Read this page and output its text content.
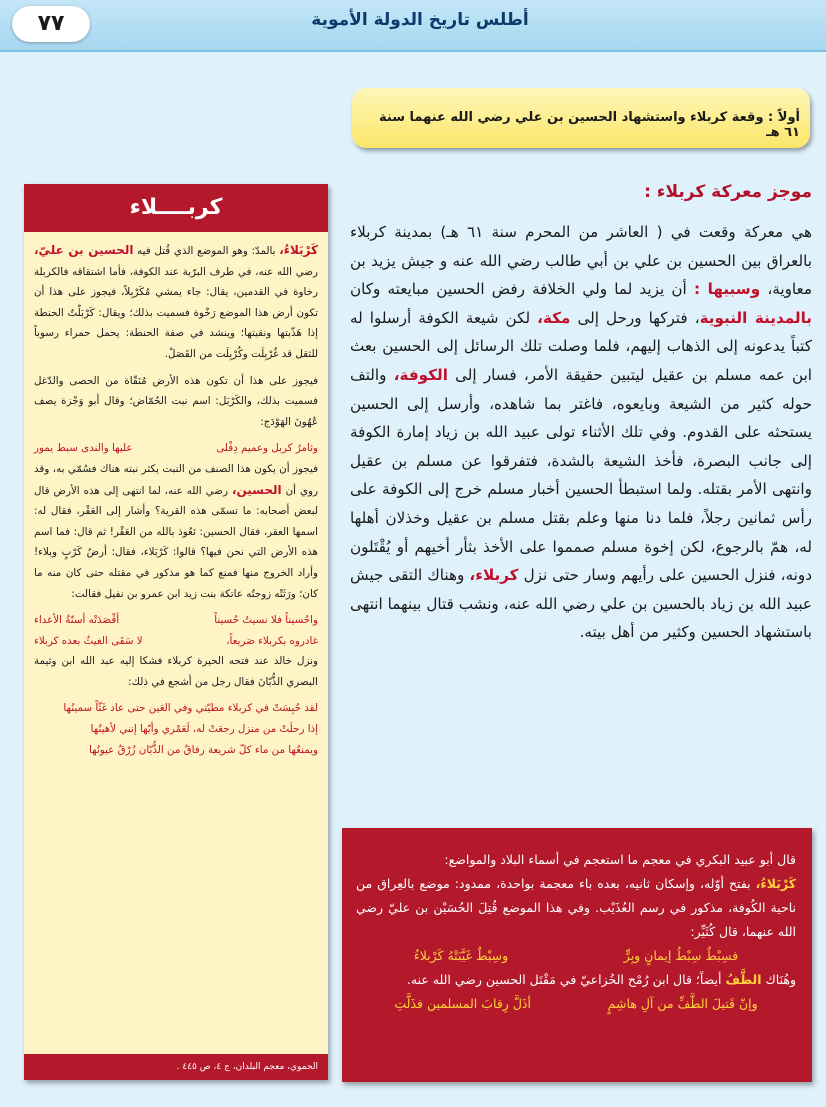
٧٧	أطلس تاريخ الدولة الأموية
أولاً : وقعة كربلاء واستشهاد الحسين بن علي رضي الله عنهما سنة ٦١ هـ
موجز معركة كربلاء :
هي معركة وقعت في ( العاشر من المحرم سنة ٦١ هـ) بمدينة كربلاء بالعراق بين الحسين بن علي بن أبي طالب رضي الله عنه و جيش يزيد بن معاوية، وسببها : أن يزيد لما ولي الخلافة رفض الحسين مبايعته وكان بالمدينة النبوية، فتركها ورحل إلى مكة، لكن شيعة الكوفة أرسلوا له كتباً يدعونه إلى الذهاب إليهم، فلما وصلت تلك الرسائل إلى الحسين بعث ابن عمه مسلم بن عقيل ليتبين حقيقة الأمر، فسار إلى الكوفة، والتف حوله كثير من الشيعة وبايعوه، فاغتر بما شاهده، وأرسل إلى الحسين يستحثه على القدوم. وفي تلك الأثناء تولى عبيد الله بن زياد إمارة الكوفة إلى جانب البصرة، فأخذ الشيعة بالشدة، فتفرقوا عن مسلم بن عقيل وانتهى الأمر بقتله. ولما استبطأ الحسين أخبار مسلم خرج إلى الكوفة على رأس ثمانين رجلاً، فلما دنا منها وعلم بقتل مسلم بن عقيل وخذلان أهلها له، همّ بالرجوع، لكن إخوة مسلم صمموا على الأخذ بثأر أخيهم أو يُقْتَلون دونه، فنزل الحسين على رأيهم وسار حتى نزل كربلاء، وهناك التقى جيش عبيد الله بن زياد بالحسين بن علي رضي الله عنه، ونشب قتال بينهما انتهى باستشهاد الحسين وكثير من أهل بيته.
كربــــلاء

كَرْبَلاءُ، بالمدّ: وهو الموضع الذي قُتل فيه الحسين بن عليّ، رضي الله عنه، في طرف البرّية عند الكوفة، فأما اشتقاقه فالكربلة رخاوة في القدمين، يقال: جاء يمشي مُكَرْبِلاً، فيجوز على هذا أن تكون أرض هذا الموضع رَخْوة فسميت بذلك؛ ويقال: كَرْبَلْتُ الحنطة إذا هَذّبتها ونقيتها؛ وينشد في صفة الحنطة: يحمل حمراء رسوباً للثقل قد غُرْبِلَت وكُرْبِلَت من القَصَلْ.

فيجوز على هذا أن تكون هذه الأرض مُنَقّاة من الحصى والدّغل فسميت بذلك، والكَرْبَل: اسم نبت الحُمّاض؛ وقال أبو وَجْزة يصف عُهُونَ الهَوْدَج:

وثامرُ كربل وعميم دِفْلى
عليها والندى سبط يمور

فيجوز أن يكون هذا الصنف من النبت يكثر نبته هناك فسُمّي به، وقد روي أن الحسين، رضي الله عنه، لما انتهى إلى هذه الأرض قال لبعض أصحابه: ما تسمّى هذه القرية؟ وأشار إلى العَقْر، فقال له: اسمها العقر، فقال الحسين: نَعُوذ بالله من العَقْر! ثم قال: فما اسم هذه الأرض التي نحن فيها؟ قالوا: كَرْبَلاء، فقال: أرضُ كَرْبٍ وبلاء! وأراد الخروج منها فمنع كما هو مذكور في مقتله حتى كان منه ما كان؛ ورَثَتْه زوجتُه عاتكة بنت زيد ابن عمرو بن نفيل فقالت:

واحُسيناً فلا نسيتُ حُسيناً
أقْصَدَتْه أسنّةُ الأعداء
غادروه بكربلاء صَريعاً،
لا سَقَى الغيثُ بعده كربلاء

ونزل خالد عند فتحه الحيرة كربلاء فشكا إليه عبد الله ابن وثيمة البصري الذُّبّانَ فقال رجل من أشجع في ذلك:

لقد حُبِسَتْ في كربلاء مطيّتي وفي العَين حتى عاد غَثّاً سمينُها
إذا رحلَتْ من منزل رجعَتْ له، لَعَمْري وأيّها إنني لأهينُها
ويمنعُها من ماء كلّ شريعة رفاقٌ من الذُّبّان زُرْقٌ عيونُها
الحموي، معجم البلدان، ج ٤، ص ٤٤٥ .

قال أبو عبيد البكري في معجم ما استعجم في أسماء البلاد والمواضع:

كَرْبَلاءُ، بفتح أوّله، وإسكان ثانيه، بعده باء معجمة بواحدة، ممدود: موضع بالعِراق من ناحية الكُوفة، مذكور في رسم العُذَيْب. وفي هذا الموضع قُتِلَ الحُسَيْن بن عليّ رضي الله عنهما، قال كُثَيِّر:

فسِبْطٌ سِبْطُ إيمانٍ وبِرٍّ
وسِبْطٌ غَيَّبَتْهُ كَرْبلاءُ

وهُنَاك الطَّفُ أيضاً؛ قال ابن رُمْح الخُزاعيّ في مَقْتَل الحسين رضي الله عنه.

وإنّ قَتيلَ الطَّفِّ من آلِ هاشِمٍ
أذَلَّ رِقابَ المسلمين فذَلَّتِ
